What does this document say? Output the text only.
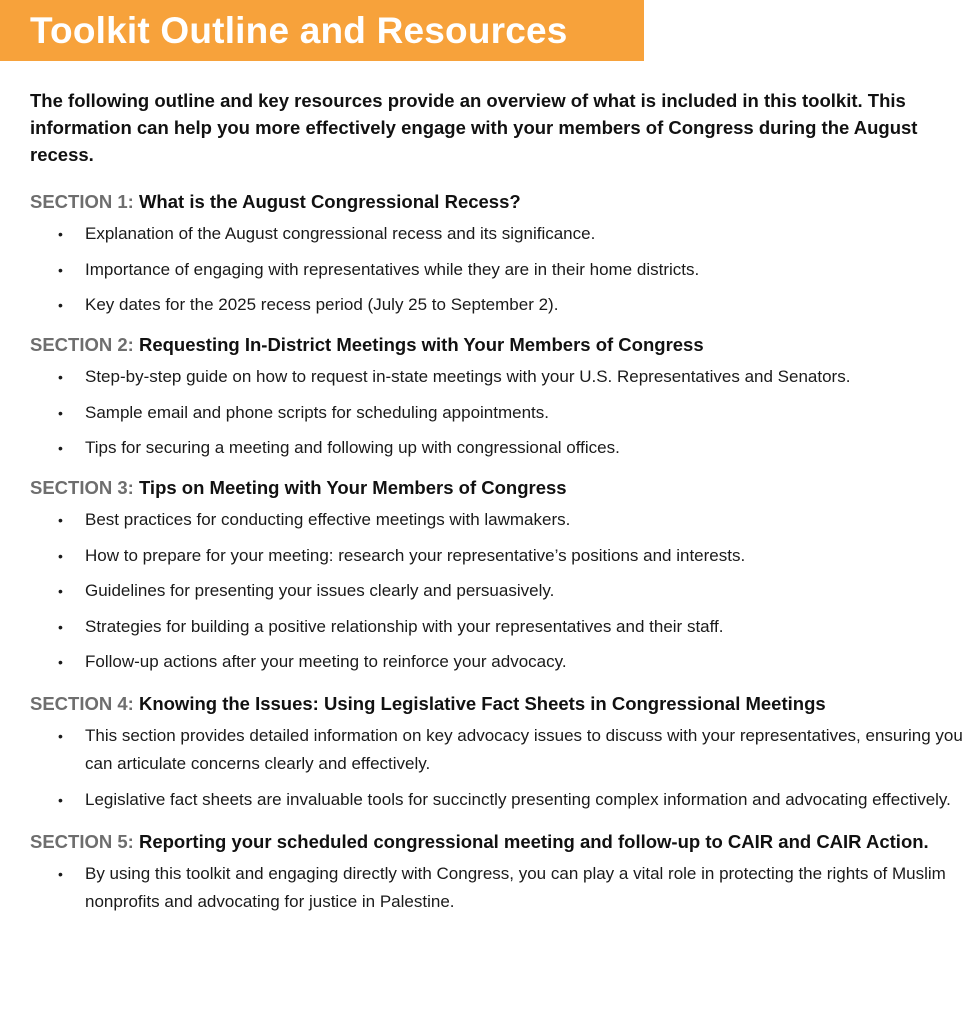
Toolkit Outline and Resources
The following outline and key resources provide an overview of what is included in this toolkit. This information can help you more effectively engage with your members of Congress during the August recess.
SECTION 1: What is the August Congressional Recess?
• Explanation of the August congressional recess and its significance.
• Importance of engaging with representatives while they are in their home districts.
• Key dates for the 2025 recess period (July 25 to September 2).
SECTION 2: Requesting In-District Meetings with Your Members of Congress
• Step-by-step guide on how to request in-state meetings with your U.S. Representatives and Senators.
• Sample email and phone scripts for scheduling appointments.
• Tips for securing a meeting and following up with congressional offices.
SECTION 3: Tips on Meeting with Your Members of Congress
• Best practices for conducting effective meetings with lawmakers.
• How to prepare for your meeting: research your representative’s positions and interests.
• Guidelines for presenting your issues clearly and persuasively.
• Strategies for building a positive relationship with your representatives and their staff.
• Follow-up actions after your meeting to reinforce your advocacy.
SECTION 4: Knowing the Issues: Using Legislative Fact Sheets in Congressional Meetings
• This section provides detailed information on key advocacy issues to discuss with your representatives, ensuring you can articulate concerns clearly and effectively.
• Legislative fact sheets are invaluable tools for succinctly presenting complex information and advocating effectively.
SECTION 5: Reporting your scheduled congressional meeting and follow-up to CAIR and CAIR Action.
• By using this toolkit and engaging directly with Congress, you can play a vital role in protecting the rights of Muslim nonprofits and advocating for justice in Palestine.
